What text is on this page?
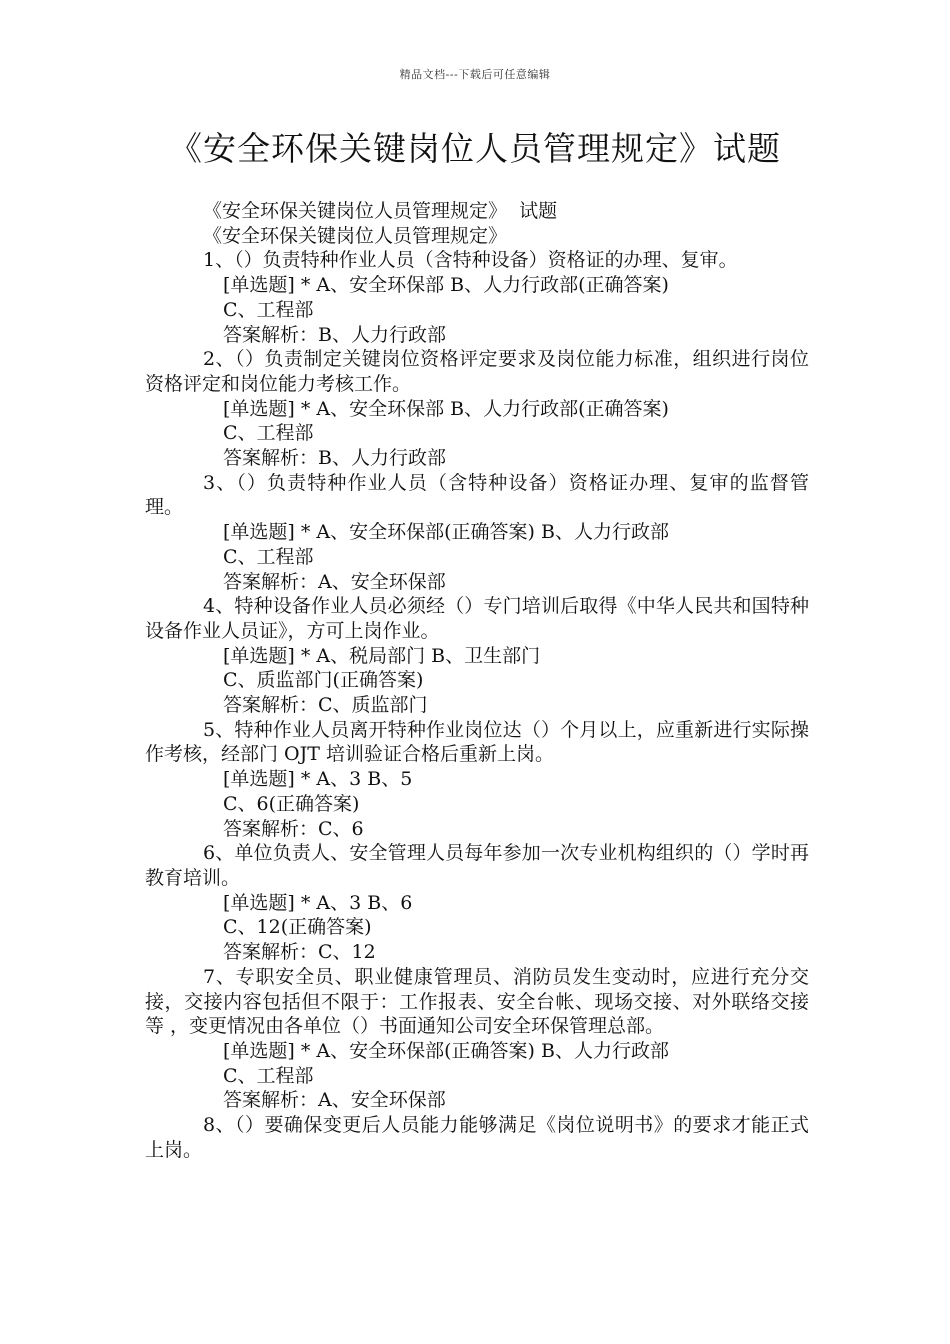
精品文档---下载后可任意编辑
《安全环保关键岗位人员管理规定》试题
《安全环保关键岗位人员管理规定》  试题
《安全环保关键岗位人员管理规定》
1、（）负责特种作业人员（含特种设备）资格证的办理、复审。
[单选题] * A、安全环保部 B、人力行政部(正确答案)
C、工程部
答案解析：B、人力行政部
2、（）负责制定关键岗位资格评定要求及岗位能力标准，组织进行岗位资格评定和岗位能力考核工作。
[单选题] * A、安全环保部 B、人力行政部(正确答案)
C、工程部
答案解析：B、人力行政部
3、（）负责特种作业人员（含特种设备）资格证办理、复审的监督管理。
[单选题] * A、安全环保部(正确答案) B、人力行政部
C、工程部
答案解析：A、安全环保部
4、特种设备作业人员必须经（）专门培训后取得《中华人民共和国特种设备作业人员证》，方可上岗作业。
[单选题] * A、税局部门 B、卫生部门
C、质监部门(正确答案)
答案解析：C、质监部门
5、特种作业人员离开特种作业岗位达（）个月以上，应重新进行实际操作考核，经部门 OJT 培训验证合格后重新上岗。
[单选题] * A、3 B、5
C、6(正确答案)
答案解析：C、6
6、单位负责人、安全管理人员每年参加一次专业机构组织的（）学时再教育培训。
[单选题] * A、3 B、6
C、12(正确答案)
答案解析：C、12
7、专职安全员、职业健康管理员、消防员发生变动时，应进行充分交接，交接内容包括但不限于：工作报表、安全台帐、现场交接、对外联络交接等 ，变更情况由各单位（）书面通知公司安全环保管理总部。
[单选题] * A、安全环保部(正确答案) B、人力行政部
C、工程部
答案解析：A、安全环保部
8、（）要确保变更后人员能力能够满足《岗位说明书》的要求才能正式上岗。
